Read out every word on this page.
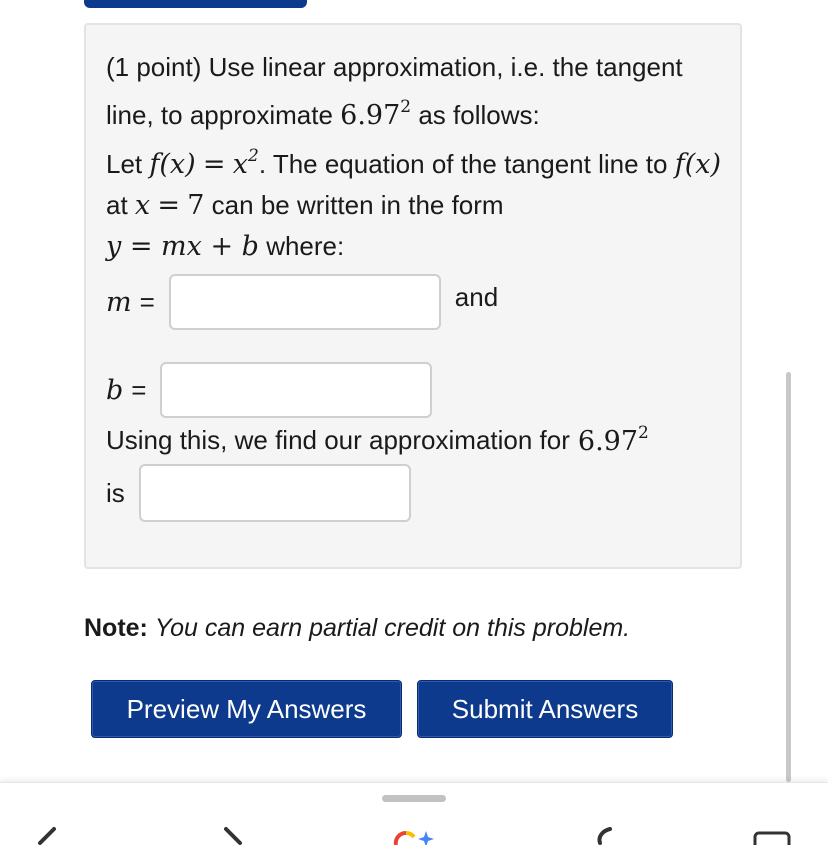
(1 point) Use linear approximation, i.e. the tangent line, to approximate 6.97$^2$ as follows:
Let $f(x) = x^2$. The equation of the tangent line to f(x) at x = 7 can be written in the form
y = mx + b where:
m =	and
b =
Using this, we find our approximation for 6.97$^2$
is
Note: You can earn partial credit on this problem.
Preview My Answers	Submit Answers
